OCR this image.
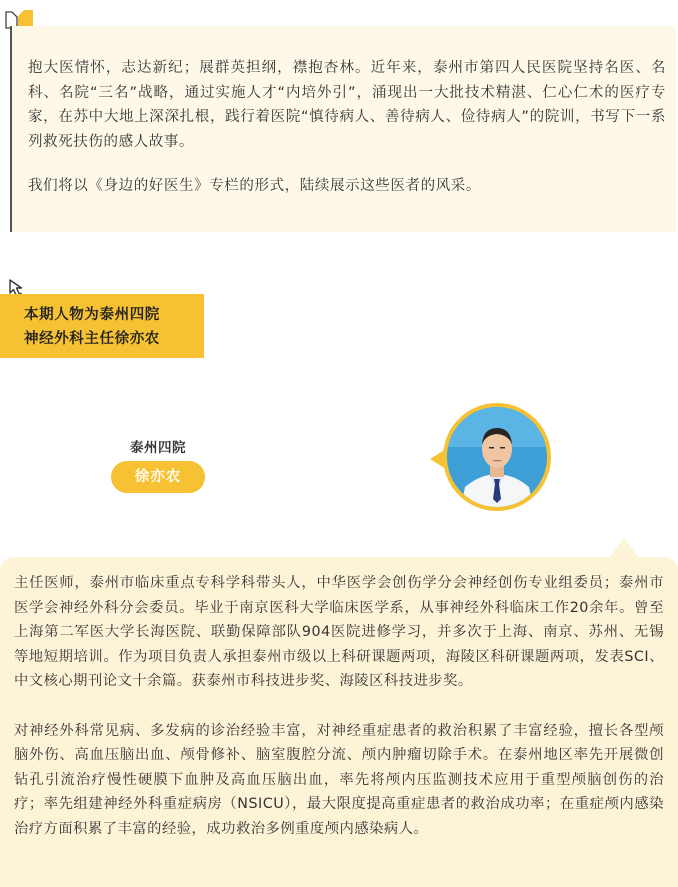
抱大医情怀，志达新纪；展群英担纲，襟抱杏林。近年来，泰州市第四人民医院坚持名医、名科、名院“三名”战略，通过实施人才“内培外引”，涌现出一大批技术精湛、仁心仁术的医疗专家，在苏中大地上深深扎根，践行着医院“慎待病人、善待病人、俭待病人”的院训，书写下一系列救死扶伤的感人故事。

我们将以《身边的好医生》专栏的形式，陆续展示这些医者的风采。

本期人物为泰州四院
神经外科主任徐亦农
泰州四院
徐亦农

主任医师，泰州市临床重点专科学科带头人，中华医学会创伤学分会神经创伤专业组委员；泰州市医学会神经外科分会委员。毕业于南京医科大学临床医学系，从事神经外科临床工作20余年。曾至上海第二军医大学长海医院、联勤保障部队904医院进修学习，并多次于上海、南京、苏州、无锡等地短期培训。作为项目负责人承担泰州市级以上科研课题两项，海陵区科研课题两项，发表SCI、中文核心期刊论文十余篇。获泰州市科技进步奖、海陵区科技进步奖。

对神经外科常见病、多发病的诊治经验丰富，对神经重症患者的救治积累了丰富经验，擅长各型颅脑外伤、高血压脑出血、颅骨修补、脑室腹腔分流、颅内肿瘤切除手术。在泰州地区率先开展微创钻孔引流治疗慢性硬膜下血肿及高血压脑出血，率先将颅内压监测技术应用于重型颅脑创伤的治疗；率先组建神经外科重症病房（NSICU），最大限度提高重症患者的救治成功率；在重症颅内感染治疗方面积累了丰富的经验，成功救治多例重度颅内感染病人。
